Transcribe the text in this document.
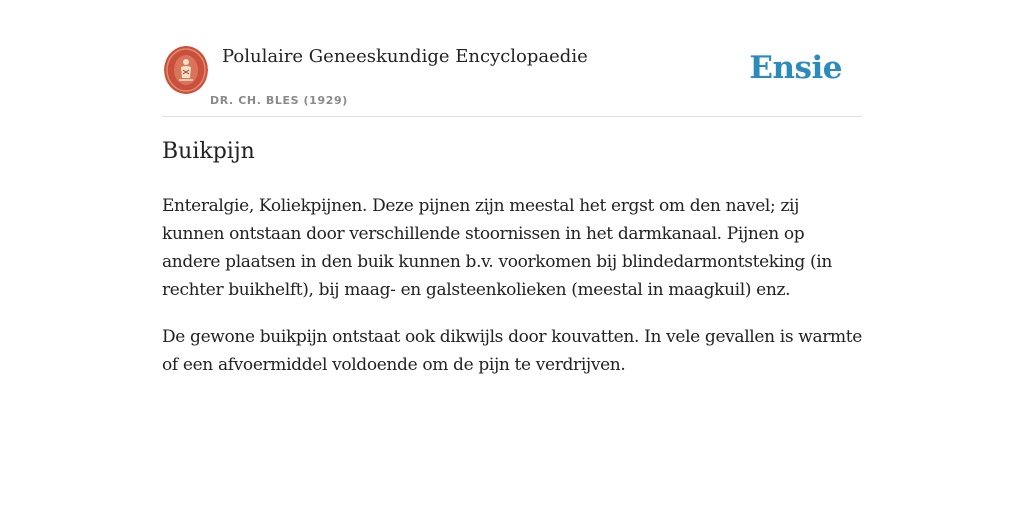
Polulaire Geneeskundige Encyclopaedie
DR. CH. BLES (1929)
Ensie
Buikpijn

Enteralgie, Koliekpijnen. Deze pijnen zijn meestal het ergst om den navel; zij kunnen ontstaan door verschillende stoornissen in het darmkanaal. Pijnen op andere plaatsen in den buik kunnen b.v. voorkomen bij blindedarmontsteking (in rechter buikhelft), bij maag- en galsteenkolieken (meestal in maagkuil) enz.

De gewone buikpijn ontstaat ook dikwijls door kouvatten. In vele gevallen is warmte of een afvoermiddel voldoende om de pijn te verdrijven.
